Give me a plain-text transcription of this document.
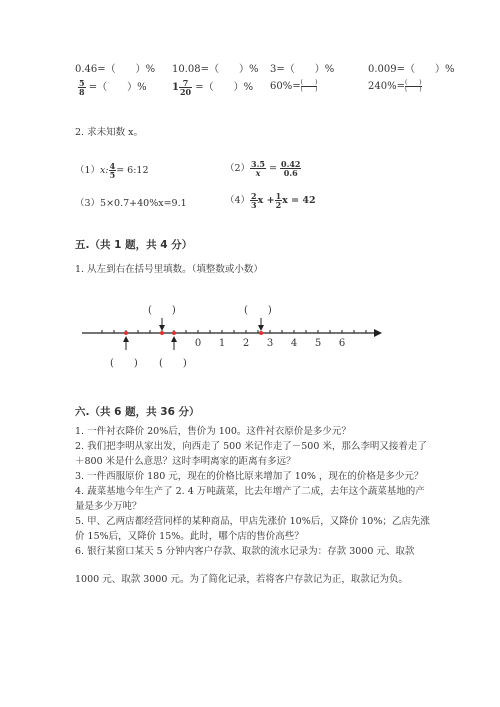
0.46=（　　）% 10.08=（　　）% 3=（　　）%	0.009=（　　）%
$\frac{5}{8}$ =（　　）%	$1 \frac{7}{20}$ =（　　）% $60\%= \frac{( )}{( )}$	$240\%= \frac{( )}{( )}$
2. 求未知数 x。
（1）x: $\frac{4}{5}$ = 6:12	$(2) \frac{3.5}{x} = \frac{0.42}{0.6}$
（3）5×0.7+40%x=9.1	$(4) \frac{2}{3}$ $x + \frac{1}{2}$ x = 42
五.（共 1 题，共 4 分）
1. 从左到右在括号里填数。（填整数或小数）
(　　)	(　　)
0 1 2 3 4 5 6
(　　) (　　)
六.（共 6 题，共 36 分）
1. 一件衬衣降价 20%后，售价为 100。这件衬衣原价是多少元？
2. 我们把李明从家出发，向西走了 500 米记作走了－500 米，那么李明又接着走了＋800 米是什么意思？这时李明离家的距离有多远？
3. 一件西服原价 180 元，现在的价格比原来增加了 10% ，现在的价格是多少元？
4. 蔬菜基地今年生产了 2. 4 万吨蔬菜，比去年增产了二成，去年这个蔬菜基地的产量是多少万吨？
5. 甲、乙两店都经营同样的某种商品，甲店先涨价 10%后，又降价 10%；乙店先涨价 15%后，又降价 15%。此时，哪个店的售价高些？
6. 银行某窗口某天 5 分钟内客户存款、取款的流水记录为：存款 3000 元、取款
1000 元、取款 3000 元。为了简化记录，若将客户存款记为正，取款记为负。
